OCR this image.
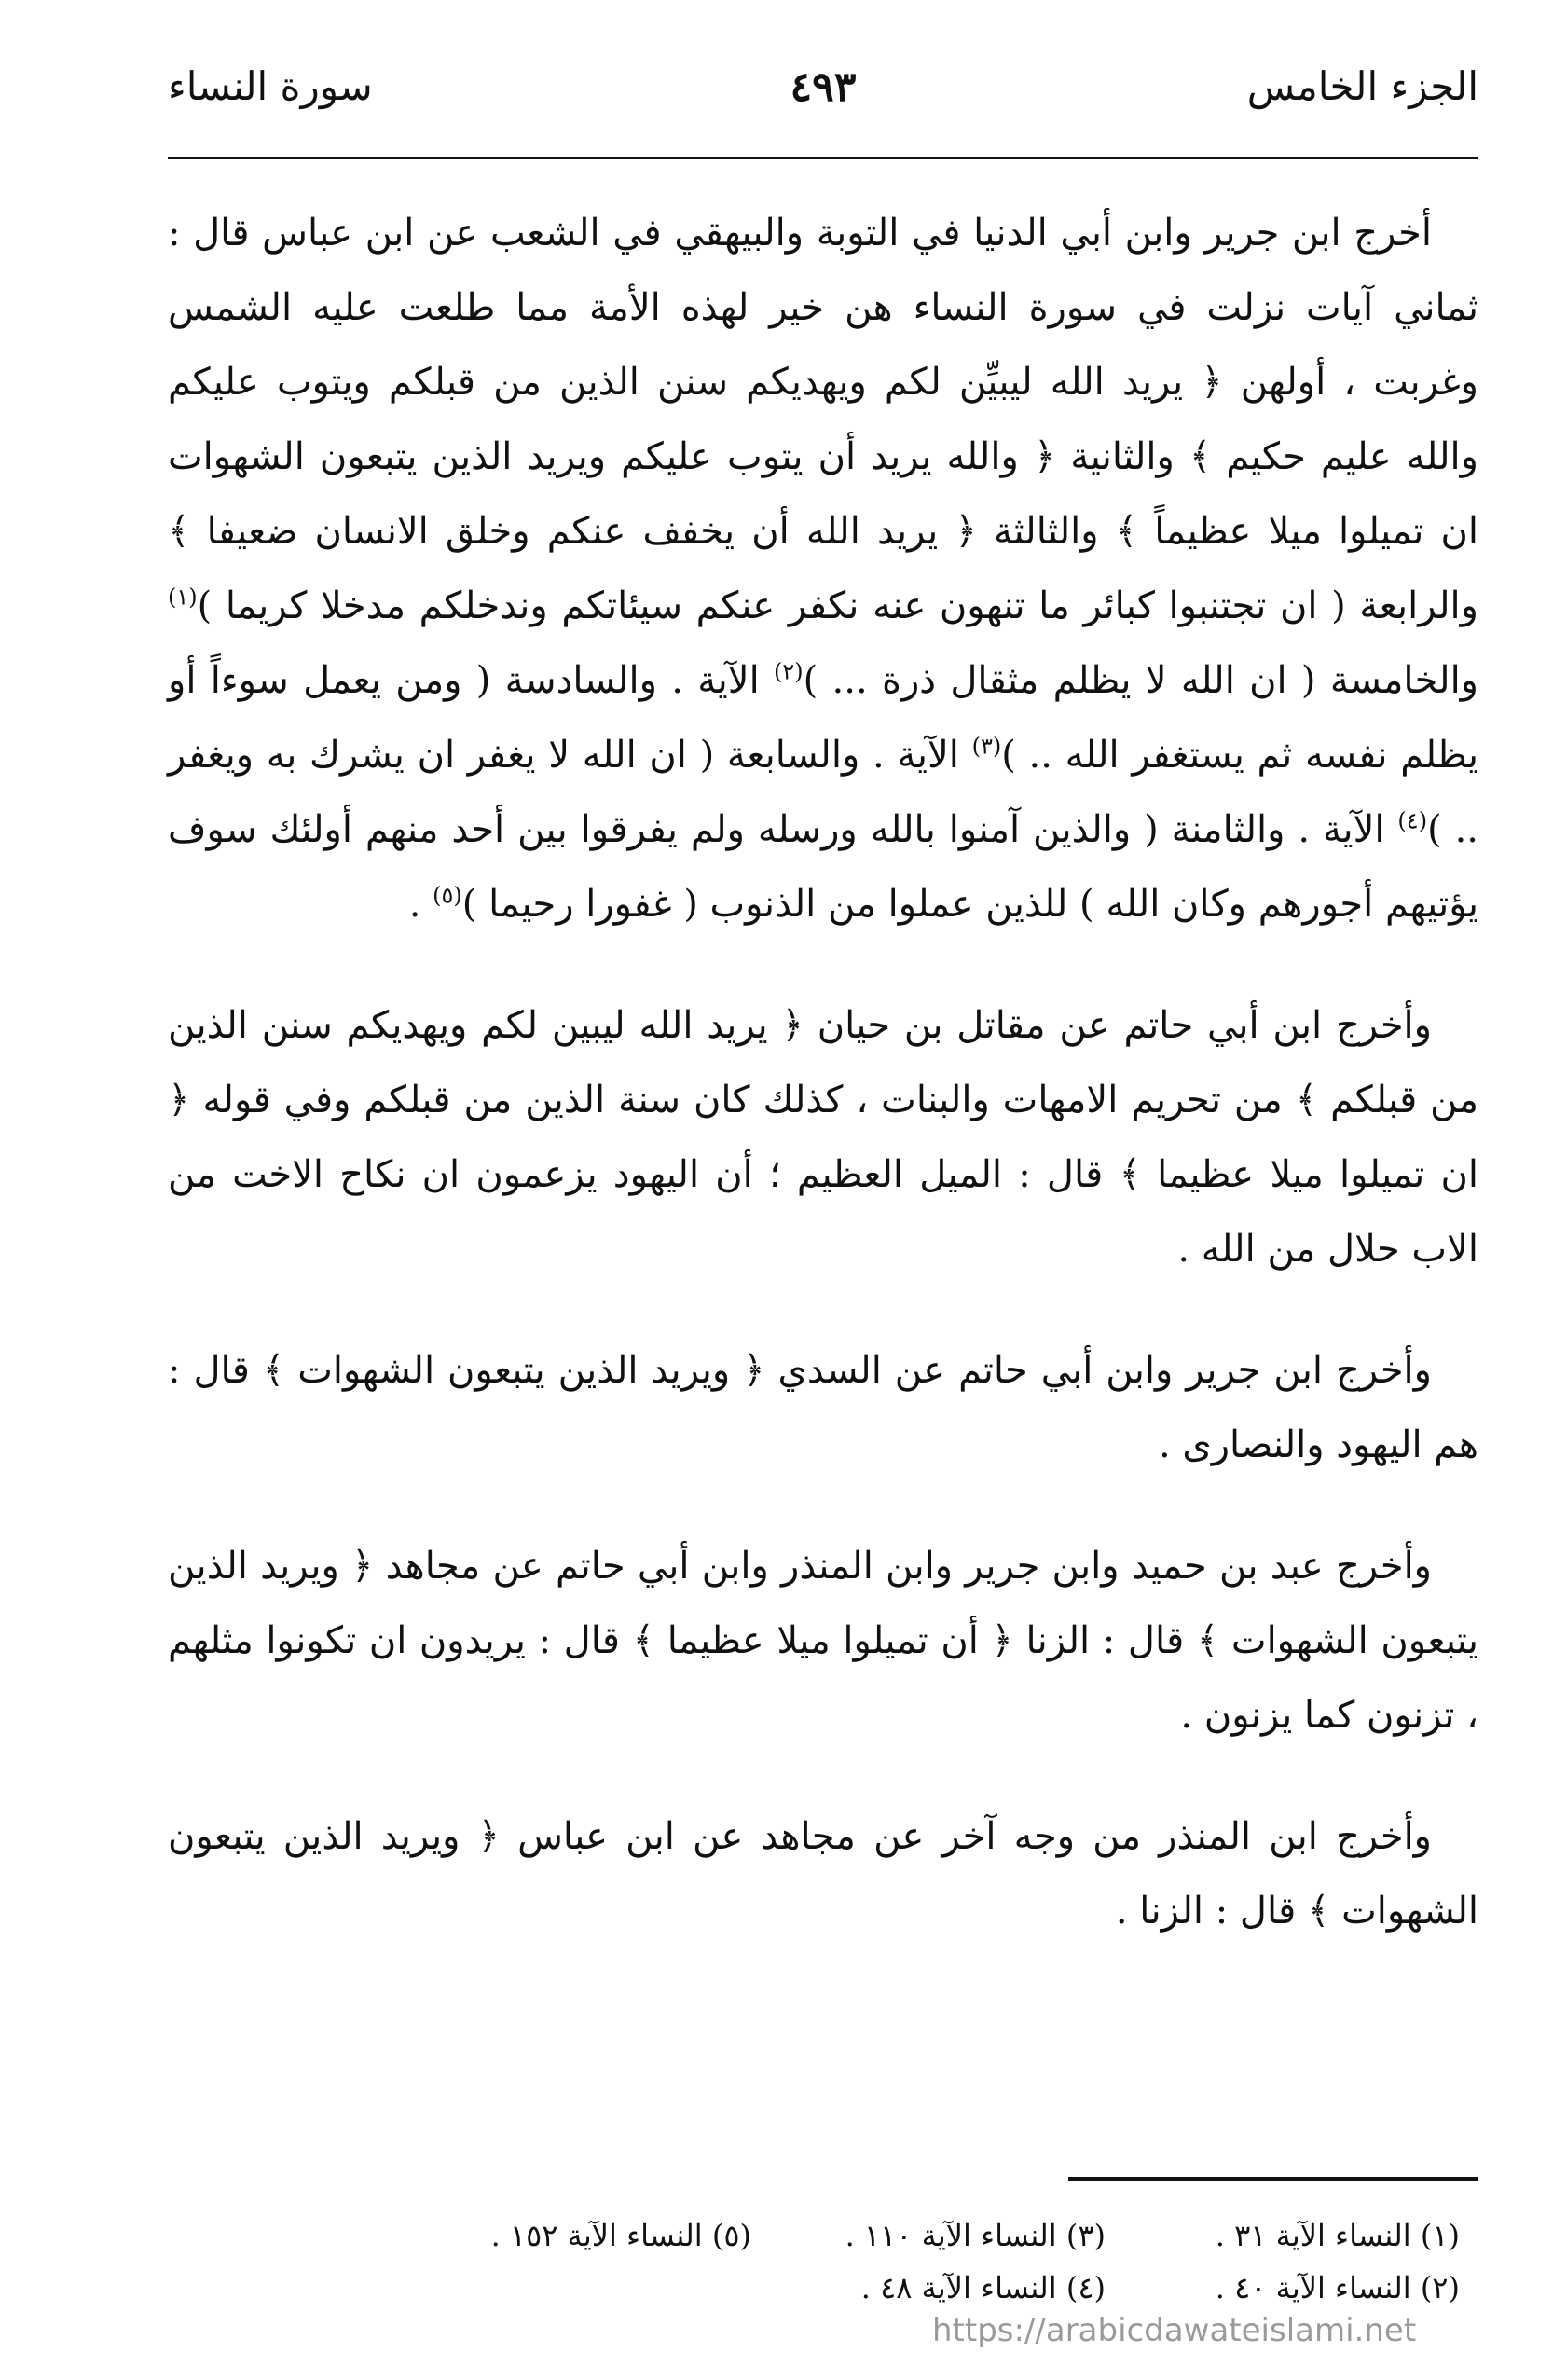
الجزء الخامس
٤٩٣
سورة النساء

أخرج ابن جرير وابن أبي الدنيا في التوبة والبيهقي في الشعب عن ابن عباس قال : ثماني آيات نزلت في سورة النساء هن خير لهذه الأمة مما طلعت عليه الشمس وغربت ، أولهن ﴿ يريد الله ليبيِّن لكم ويهديكم سنن الذين من قبلكم ويتوب عليكم والله عليم حكيم ﴾ والثانية ﴿ والله يريد أن يتوب عليكم ويريد الذين يتبعون الشهوات ان تميلوا ميلا عظيماً ﴾ والثالثة ﴿ يريد الله أن يخفف عنكم وخلق الانسان ضعيفا ﴾ والرابعة ( ان تجتنبوا كبائر ما تنهون عنه نكفر عنكم سيئاتكم وندخلكم مدخلا كريما )$^{(١)}$ والخامسة ( ان الله لا يظلم مثقال ذرة ... )$^{(٢)}$ الآية . والسادسة ( ومن يعمل سوءاً أو يظلم نفسه ثم يستغفر الله .. )$^{(٣)}$ الآية . والسابعة ( ان الله لا يغفر ان يشرك به ويغفر .. )$^{(٤)}$ الآية . والثامنة ( والذين آمنوا بالله ورسله ولم يفرقوا بين أحد منهم أولئك سوف يؤتيهم أجورهم وكان الله ) للذين عملوا من الذنوب ( غفورا رحيما )$^{(٥)}$ .

وأخرج ابن أبي حاتم عن مقاتل بن حيان ﴿ يريد الله ليبين لكم ويهديكم سنن الذين من قبلكم ﴾ من تحريم الامهات والبنات ، كذلك كان سنة الذين من قبلكم وفي قوله ﴿ ان تميلوا ميلا عظيما ﴾ قال : الميل العظيم ؛ أن اليهود يزعمون ان نكاح الاخت من الاب حلال من الله .

وأخرج ابن جرير وابن أبي حاتم عن السدي ﴿ ويريد الذين يتبعون الشهوات ﴾ قال : هم اليهود والنصارى .

وأخرج عبد بن حميد وابن جرير وابن المنذر وابن أبي حاتم عن مجاهد ﴿ ويريد الذين يتبعون الشهوات ﴾ قال : الزنا ﴿ أن تميلوا ميلا عظيما ﴾ قال : يريدون ان تكونوا مثلهم ، تزنون كما يزنون .

وأخرج ابن المنذر من وجه آخر عن مجاهد عن ابن عباس ﴿ ويريد الذين يتبعون الشهوات ﴾ قال : الزنا .

(١) النساء الآية ٣١ .
(٣) النساء الآية ١١٠ .
(٥) النساء الآية ١٥٢ .
(٢) النساء الآية ٤٠ .
(٤) النساء الآية ٤٨ .
https://arabicdawateislami.net
